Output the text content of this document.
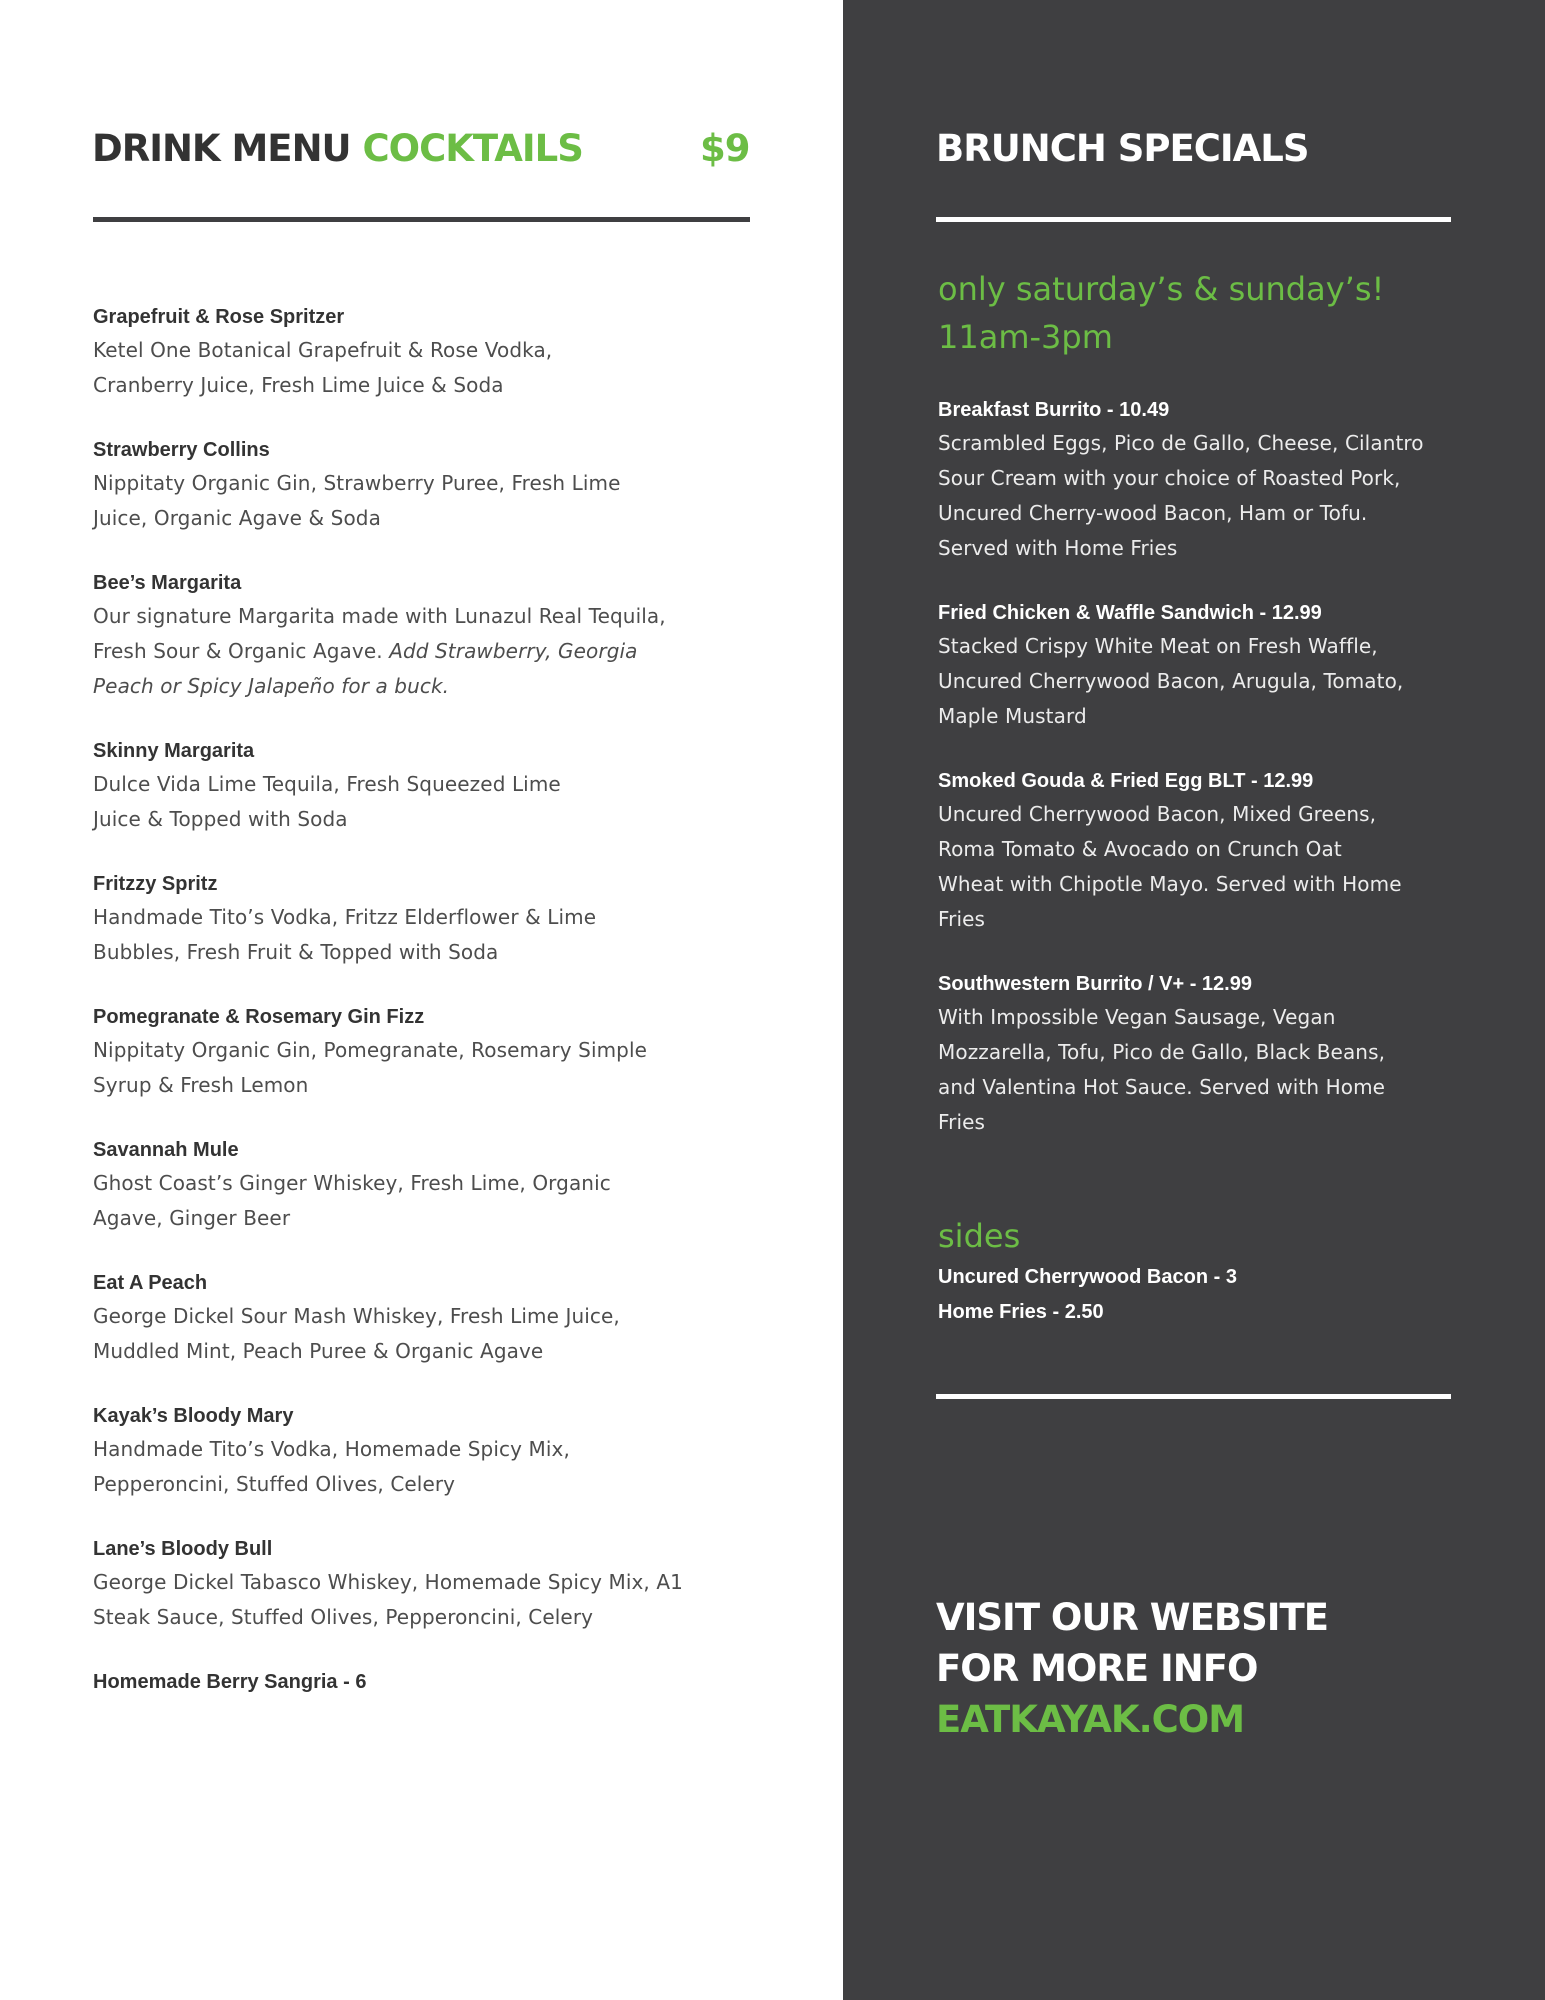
DRINK MENU COCKTAILS	$9

Grapefruit & Rose Spritzer

Ketel One Botanical Grapefruit & Rose Vodka, Cranberry Juice, Fresh Lime Juice & Soda

Strawberry Collins

Nippitaty Organic Gin, Strawberry Puree, Fresh Lime Juice, Organic Agave & Soda

Bee’s Margarita

Our signature Margarita made with Lunazul Real Tequila, Fresh Sour & Organic Agave. Add Strawberry, Georgia Peach or Spicy Jalapeño for a buck.

Skinny Margarita

Dulce Vida Lime Tequila, Fresh Squeezed Lime Juice & Topped with Soda

Fritzzy Spritz

Handmade Tito’s Vodka, Fritzz Elderflower & Lime Bubbles, Fresh Fruit & Topped with Soda

Pomegranate & Rosemary Gin Fizz

Nippitaty Organic Gin, Pomegranate, Rosemary Simple Syrup & Fresh Lemon

Savannah Mule

Ghost Coast’s Ginger Whiskey, Fresh Lime, Organic Agave, Ginger Beer

Eat A Peach

George Dickel Sour Mash Whiskey, Fresh Lime Juice, Muddled Mint, Peach Puree & Organic Agave

Kayak’s Bloody Mary

Handmade Tito’s Vodka, Homemade Spicy Mix, Pepperoncini, Stuffed Olives, Celery

Lane’s Bloody Bull

George Dickel Tabasco Whiskey, Homemade Spicy Mix, A1 Steak Sauce, Stuffed Olives, Pepperoncini, Celery

Homemade Berry Sangria - 6

BRUNCH SPECIALS
only saturday’s & sunday’s!
11am-3pm

Breakfast Burrito - 10.49

Scrambled Eggs, Pico de Gallo, Cheese, Cilantro Sour Cream with your choice of Roasted Pork, Uncured Cherry-wood Bacon, Ham or Tofu. Served with Home Fries

Fried Chicken & Waffle Sandwich - 12.99

Stacked Crispy White Meat on Fresh Waffle, Uncured Cherrywood Bacon, Arugula, Tomato, Maple Mustard

Smoked Gouda & Fried Egg BLT - 12.99

Uncured Cherrywood Bacon, Mixed Greens, Roma Tomato & Avocado on Crunch Oat Wheat with Chipotle Mayo. Served with Home Fries

Southwestern Burrito / V+ - 12.99

With Impossible Vegan Sausage, Vegan Mozzarella, Tofu, Pico de Gallo, Black Beans, and Valentina Hot Sauce. Served with Home Fries

sides
Uncured Cherrywood Bacon - 3
Home Fries - 2.50
VISIT OUR WEBSITE
FOR MORE INFO
EATKAYAK.COM
